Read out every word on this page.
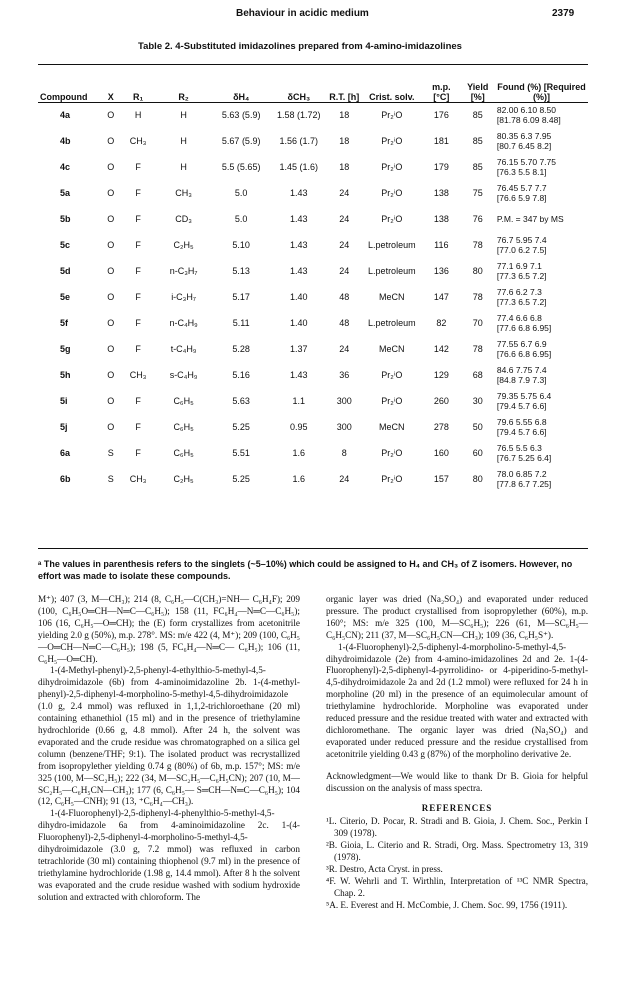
Behaviour in acidic medium	2379
Table 2. 4-Substituted imidazolines prepared from 4-amino-imidazolines
Compound	X	R₁	R₂	δH₄	δCH₃	R.T. [h]	Crist. solv.	m.p. [°C]	Yield [%]	Found (%) [Required (%)]
4a	O	H	H	5.63 (5.9)	1.58 (1.72)	18	Pr₂ⁱO	176	85	82.00 6.10 8.50
[81.78 6.09 8.48]

4b	O	CH₃	H	5.67 (5.9)	1.56 (1.7)	18	Pr₂ⁱO	181	85	80.35 6.3 7.95
[80.7 6.45 8.2]

4c	O	F	H	5.5 (5.65)	1.45 (1.6)	18	Pr₂ⁱO	179	85	76.15 5.70 7.75
[76.3 5.5 8.1]

5a	O	F	CH₃	5.0	1.43	24	Pr₂ⁱO	138	75	76.45 5.7 7.7
[76.6 5.9 7.8]

5b	O	F	CD₃	5.0	1.43	24	Pr₂ⁱO	138	76	P.M. = 347 by MS

5c	O	F	C₂H₅	5.10	1.43	24	L.petroleum	116	78	76.7 5.95 7.4
[77.0 6.2 7.5]

5d	O	F	n-C₃H₇	5.13	1.43	24	L.petroleum	136	80	77.1 6.9 7.1
[77.3 6.5 7.2]

5e	O	F	i-C₃H₇	5.17	1.40	48	MeCN	147	78	77.6 6.2 7.3
[77.3 6.5 7.2]

5f	O	F	n-C₄H₉	5.11	1.40	48	L.petroleum	82	70	77.4 6.6 6.8
[77.6 6.8 6.95]

5g	O	F	t-C₄H₉	5.28	1.37	24	MeCN	142	78	77.55 6.7 6.9
[76.6 6.8 6.95]

5h	O	CH₃	s-C₄H₉	5.16	1.43	36	Pr₂ⁱO	129	68	84.6 7.75 7.4
[84.8 7.9 7.3]

5i	O	F	C₆H₅	5.63	1.1	300	Pr₂ⁱO	260	30	79.35 5.75 6.4
[79.4 5.7 6.6]

5j	O	F	C₆H₅	5.25	0.95	300	MeCN	278	50	79.6 5.55 6.8
[79.4 5.7 6.6]

6a	S	F	C₆H₅	5.51	1.6	8	Pr₂ⁱO	160	60	76.5 5.5 6.3
[76.7 5.25 6.4]

6b	S	CH₃	C₂H₅	5.25	1.6	24	Pr₂ⁱO	157	80	78.0 6.85 7.2
[77.8 6.7 7.25]
ᵃ The values in parenthesis refers to the singlets (~5–10%) which could be assigned to H₄ and CH₃ of Z isomers. However, no effort was made to isolate these compounds.

M⁺); 407 (3, M—CH₃); 214 (8, C₆H₅—C(CH₃)=NH— C₆H₄F); 209 (100, C₆H₅O═CH—N═C—C₆H₅); 158 (11, FC₆H₄—N═C—C₆H₅); 106 (16, C₆H₅—O═CH); the (E) form crystallizes from acetonitrile yielding 2.0 g (50%), m.p. 278°. MS: m/e 422 (4, M⁺); 209 (100, C₆H₅—O═CH—N═C—C₆H₅); 198 (5, FC₆H₄—N═C— C₆H₅); 106 (11, C₆H₅—O═CH).

1-(4-Methyl-phenyl)-2,5-phenyl-4-ethylthio-5-methyl-4,5-dihydroimidazole (6b) from 4-aminoimidazoline 2b. 1-(4-methyl-phenyl)-2,5-diphenyl-4-morpholino-5-methyl-4,5-dihydroimidazole (1.0 g, 2.4 mmol) was refluxed in 1,1,2-trichloroethane (20 ml) containing ethanethiol (15 ml) and in the presence of triethylamine hydrochloride (0.66 g, 4.8 mmol). After 24 h, the solvent was evaporated and the crude residue was chromatographed on a silica gel column (benzene/THF; 9:1). The isolated product was recrystallized from isopropylether yielding 0.74 g (80%) of 6b, m.p. 157°; MS: m/e 325 (100, M—SC₂H₅); 222 (34, M—SC₂H₅—C₆H₅CN); 207 (10, M—SC₂H₅—C₆H₅CN—CH₃); 177 (6, C₆H₅— S═CH—N═C—C₆H₅); 104 (12, C₆H₅—CNH); 91 (13, ⁺C₆H₄—CH₃).

1-(4-Fluorophenyl)-2,5-diphenyl-4-phenylthio-5-methyl-4,5-dihydro-imidazole 6a from 4-aminoimidazoline 2c. 1-(4-Fluorophenyl)-2,5-diphenyl-4-morpholino-5-methyl-4,5-dihydroimidazole (3.0 g, 7.2 mmol) was refluxed in carbon tetrachloride (30 ml) containing thiophenol (9.7 ml) in the presence of triethylamine hydrochloride (1.98 g, 14.4 mmol). After 8 h the solvent was evaporated and the crude residue washed with sodium hydroxide solution and extracted with chloroform. The

organic layer was dried (Na₂SO₄) and evaporated under reduced pressure. The product crystallised from isopropylether (60%), m.p. 160°; MS: m/e 325 (100, M—SC₆H₅); 226 (61, M—SC₆H₅—C₆H₅CN); 211 (37, M—SC₆H₅CN—CH₃); 109 (36, C₆H₅S⁺).

1-(4-Fluorophenyl)-2,5-diphenyl-4-morpholino-5-methyl-4,5-dihydroimidazole (2e) from 4-amino-imidazolines 2d and 2e. 1-(4-Fluorophenyl)-2,5-diphenyl-4-pyrrolidino- or 4-piperidino-5-methyl-4,5-dihydroimidazole 2a and 2d (1.2 mmol) were refluxed for 24 h in morpholine (20 ml) in the presence of an equimolecular amount of triethylamine hydrochloride. Morpholine was evaporated under reduced pressure and the residue treated with water and extracted with dichloromethane. The organic layer was dried (Na₂SO₄) and evaporated under reduced pressure and the residue crystallised from acetonitrile yielding 0.43 g (87%) of the morpholino derivative 2e.

Acknowledgment—We would like to thank Dr B. Gioia for helpful discussion on the analysis of mass spectra.

REFERENCES

¹L. Citerio, D. Pocar, R. Stradi and B. Gioia, J. Chem. Soc., Perkin I 309 (1978).

²B. Gioia, L. Citerio and R. Stradi, Org. Mass. Spectrometry 13, 319 (1978).

³R. Destro, Acta Cryst. in press.

⁴F. W. Wehrli and T. Wirthlin, Interpretation of ¹³C NMR Spectra, Chap. 2.

⁵A. E. Everest and H. McCombie, J. Chem. Soc. 99, 1756 (1911).
